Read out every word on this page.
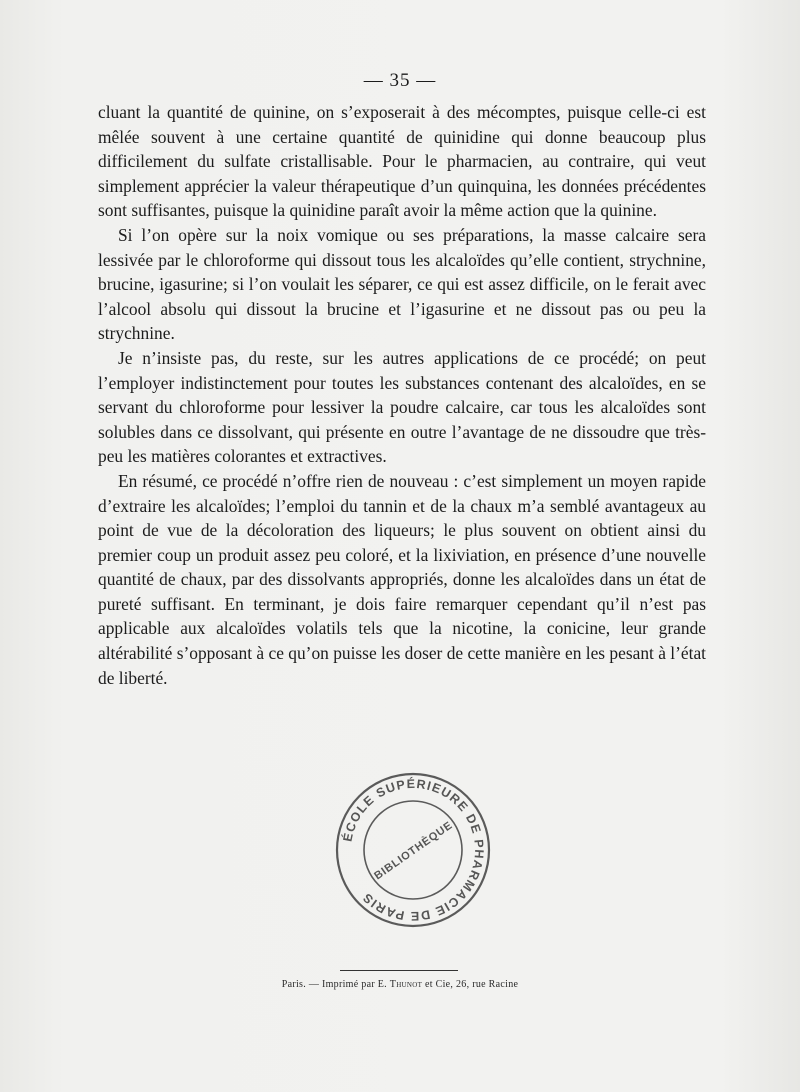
— 35 —

cluant la quantité de quinine, on s’exposerait à des mécomptes, puisque celle-ci est mêlée souvent à une certaine quantité de quinidine qui donne beaucoup plus difficilement du sulfate cristallisable. Pour le pharmacien, au contraire, qui veut simplement apprécier la valeur thérapeutique d’un quinquina, les données précédentes sont suffisantes, puisque la quinidine paraît avoir la même action que la quinine.

Si l’on opère sur la noix vomique ou ses préparations, la masse calcaire sera lessivée par le chloroforme qui dissout tous les alcaloïdes qu’elle contient, strychnine, brucine, igasurine; si l’on voulait les séparer, ce qui est assez difficile, on le ferait avec l’alcool absolu qui dissout la brucine et l’igasurine et ne dissout pas ou peu la strychnine.

Je n’insiste pas, du reste, sur les autres applications de ce procédé; on peut l’employer indistinctement pour toutes les substances contenant des alcaloïdes, en se servant du chloroforme pour lessiver la poudre calcaire, car tous les alcaloïdes sont solubles dans ce dissolvant, qui présente en outre l’avantage de ne dissoudre que très-peu les matières colorantes et extractives.

En résumé, ce procédé n’offre rien de nouveau : c’est simplement un moyen rapide d’extraire les alcaloïdes; l’emploi du tannin et de la chaux m’a semblé avantageux au point de vue de la décoloration des liqueurs; le plus souvent on obtient ainsi du premier coup un produit assez peu coloré, et la lixiviation, en présence d’une nouvelle quantité de chaux, par des dissolvants appropriés, donne les alcaloïdes dans un état de pureté suffisant. En terminant, je dois faire remarquer cependant qu’il n’est pas applicable aux alcaloïdes volatils tels que la nicotine, la conicine, leur grande altérabilité s’opposant à ce qu’on puisse les doser de cette manière en les pesant à l’état de liberté.

ÉCOLE SUPÉRIEURE DE PHARMACIE DE PARIS
BIBLIOTHÈQUE
Paris. — Imprimé par E. Thunot et Cie, 26, rue Racine
